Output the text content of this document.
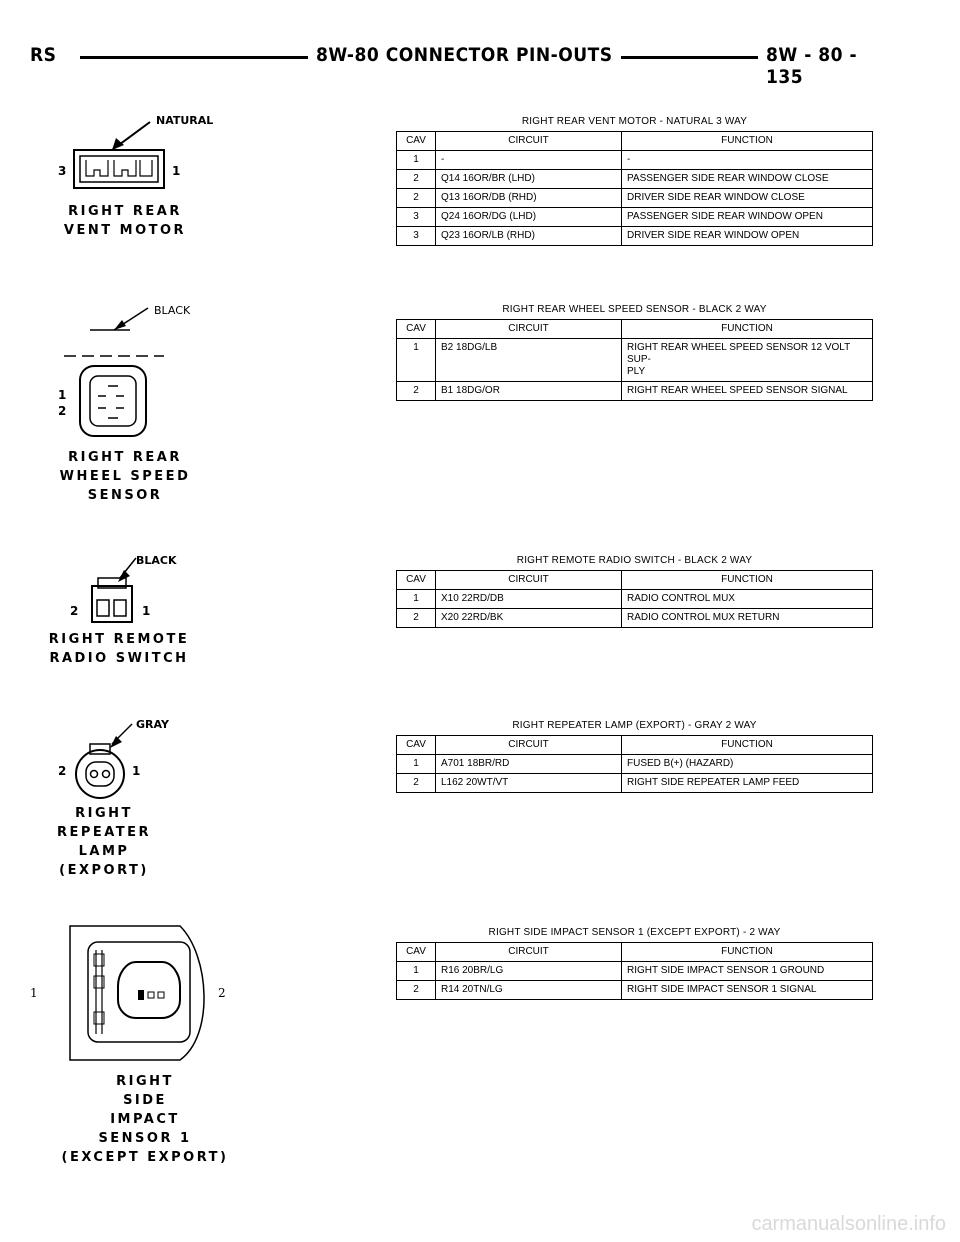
RS	8W-80 CONNECTOR PIN-OUTS	8W - 80 - 135
NATURAL
3	1
RIGHT REAR
VENT MOTOR
BLACK
1
2
RIGHT REAR
WHEEL SPEED
SENSOR
BLACK
2	1
RIGHT REMOTE
RADIO SWITCH
GRAY
2	1
RIGHT
REPEATER
LAMP
(EXPORT)
1	2
RIGHT
SIDE
IMPACT
SENSOR 1
(EXCEPT EXPORT)
RIGHT REAR VENT MOTOR - NATURAL 3 WAY
CAV	CIRCUIT	FUNCTION
1	-	-
2	Q14 16OR/BR (LHD)	PASSENGER SIDE REAR WINDOW CLOSE
2	Q13 16OR/DB (RHD)	DRIVER SIDE REAR WINDOW CLOSE
3	Q24 16OR/DG (LHD)	PASSENGER SIDE REAR WINDOW OPEN
3	Q23 16OR/LB (RHD)	DRIVER SIDE REAR WINDOW OPEN
RIGHT REAR WHEEL SPEED SENSOR - BLACK 2 WAY
CAV	CIRCUIT	FUNCTION
1	B2 18DG/LB	RIGHT REAR WHEEL SPEED SENSOR 12 VOLT SUP-
PLY
2	B1 18DG/OR	RIGHT REAR WHEEL SPEED SENSOR SIGNAL
RIGHT REMOTE RADIO SWITCH - BLACK 2 WAY
CAV	CIRCUIT	FUNCTION
1	X10 22RD/DB	RADIO CONTROL MUX
2	X20 22RD/BK	RADIO CONTROL MUX RETURN
RIGHT REPEATER LAMP (EXPORT) - GRAY 2 WAY
CAV	CIRCUIT	FUNCTION
1	A701 18BR/RD	FUSED B(+) (HAZARD)
2	L162 20WT/VT	RIGHT SIDE REPEATER LAMP FEED
RIGHT SIDE IMPACT SENSOR 1 (EXCEPT EXPORT) - 2 WAY
CAV	CIRCUIT	FUNCTION
1	R16 20BR/LG	RIGHT SIDE IMPACT SENSOR 1 GROUND
2	R14 20TN/LG	RIGHT SIDE IMPACT SENSOR 1 SIGNAL
carmanualsonline.info
